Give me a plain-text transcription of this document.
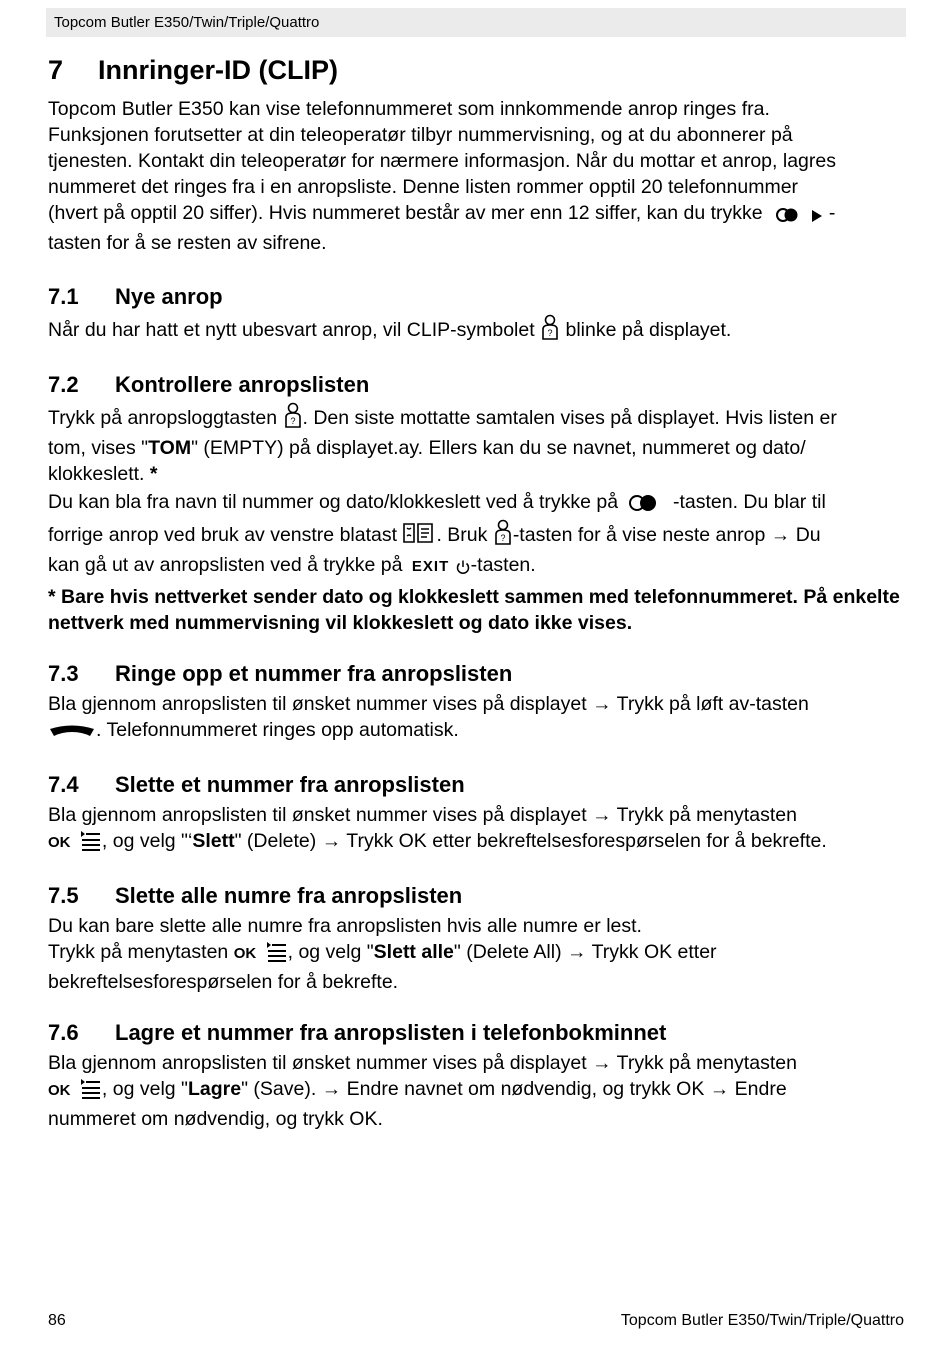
Topcom Butler E350/Twin/Triple/Quattro
7	Innringer-ID (CLIP)

Topcom Butler E350 kan vise telefonnummeret som innkommende anrop ringes fra.

Funksjonen forutsetter at din teleoperatør tilbyr nummervisning, og at du abonnerer på

tjenesten. Kontakt din teleoperatør for nærmere informasjon. Når du mottar et anrop, lagres

nummeret det ringes fra i en anropsliste. Denne listen rommer opptil 20 telefonnummer

(hvert på opptil 20 siffer). Hvis nummeret består av mer enn 12 siffer, kan du trykke	-

tasten for å se resten av sifrene.

7.1	Nye anrop

Når du har hatt et nytt ubesvart anrop, vil CLIP-symbolet ? blinke på displayet.

7.2	Kontrollere anropslisten

Trykk på anropsloggtasten ? . Den siste mottatte samtalen vises på displayet. Hvis listen er
tom, vises "TOM" (EMPTY) på displayet.ay. Ellers kan du se navnet, nummeret og dato/
klokkeslett. *

Du kan bla fra navn til nummer og dato/klokkeslett ved å trykke på	-tasten. Du blar til
forrige anrop ved bruk av venstre blatast . Bruk ? -tasten for å vise neste anrop → Du
kan gå ut av anropslisten ved å trykke på EXIT -tasten.

* Bare hvis nettverket sender dato og klokkeslett sammen med telefonnummeret. På enkelte nettverk med nummervisning vil klokkeslett og dato ikke vises.

7.3	Ringe opp et nummer fra anropslisten

Bla gjennom anropslisten til ønsket nummer vises på displayet → Trykk på løft av-tasten
. Telefonnummeret ringes opp automatisk.

7.4	Slette et nummer fra anropslisten

Bla gjennom anropslisten til ønsket nummer vises på displayet → Trykk på menytasten
OK , og velg "‘Slett" (Delete) → Trykk OK etter bekreftelsesforespørselen for å bekrefte.

7.5	Slette alle numre fra anropslisten

Du kan bare slette alle numre fra anropslisten hvis alle numre er lest.
Trykk på menytasten OK , og velg "Slett alle" (Delete All) → Trykk OK etter
bekreftelsesforespørselen for å bekrefte.

7.6	Lagre et nummer fra anropslisten i telefonbokminnet

Bla gjennom anropslisten til ønsket nummer vises på displayet → Trykk på menytasten
OK , og velg "Lagre" (Save). → Endre navnet om nødvendig, og trykk OK → Endre
nummeret om nødvendig, og trykk OK.

86	Topcom Butler E350/Twin/Triple/Quattro
